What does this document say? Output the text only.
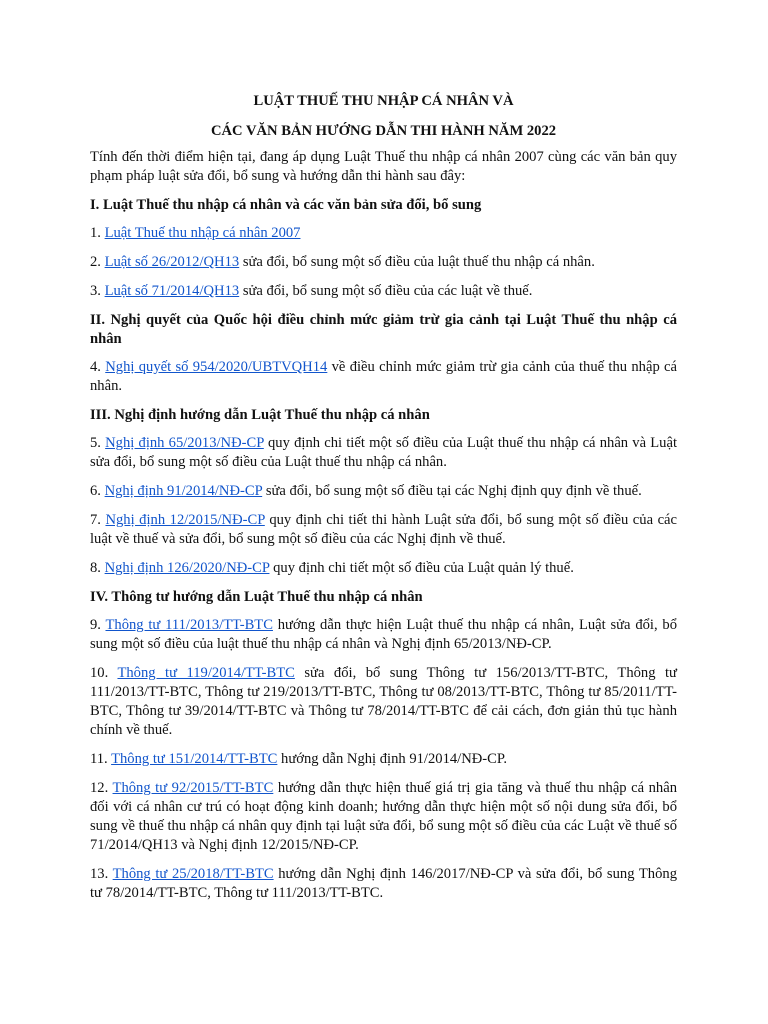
LUẬT THUẾ THU NHẬP CÁ NHÂN VÀ

CÁC VĂN BẢN HƯỚNG DẪN THI HÀNH NĂM 2022

Tính đến thời điểm hiện tại, đang áp dụng Luật Thuế thu nhập cá nhân 2007 cùng các văn bản quy phạm pháp luật sửa đổi, bổ sung và hướng dẫn thi hành sau đây:

I. Luật Thuế thu nhập cá nhân và các văn bản sửa đổi, bổ sung

1. Luật Thuế thu nhập cá nhân 2007

2. Luật số 26/2012/QH13 sửa đổi, bổ sung một số điều của luật thuế thu nhập cá nhân.

3. Luật số 71/2014/QH13 sửa đổi, bổ sung một số điều của các luật về thuế.

II. Nghị quyết của Quốc hội điều chỉnh mức giảm trừ gia cảnh tại Luật Thuế thu nhập cá nhân

4. Nghị quyết số 954/2020/UBTVQH14 về điều chỉnh mức giảm trừ gia cảnh của thuế thu nhập cá nhân.

III. Nghị định hướng dẫn Luật Thuế thu nhập cá nhân

5. Nghị định 65/2013/NĐ-CP quy định chi tiết một số điều của Luật thuế thu nhập cá nhân và Luật sửa đổi, bổ sung một số điều của Luật thuế thu nhập cá nhân.

6. Nghị định 91/2014/NĐ-CP sửa đổi, bổ sung một số điều tại các Nghị định quy định về thuế.

7. Nghị định 12/2015/NĐ-CP quy định chi tiết thi hành Luật sửa đổi, bổ sung một số điều của các luật về thuế và sửa đổi, bổ sung một số điều của các Nghị định về thuế.

8. Nghị định 126/2020/NĐ-CP quy định chi tiết một số điều của Luật quản lý thuế.

IV. Thông tư hướng dẫn Luật Thuế thu nhập cá nhân

9. Thông tư 111/2013/TT-BTC hướng dẫn thực hiện Luật thuế thu nhập cá nhân, Luật sửa đổi, bổ sung một số điều của luật thuế thu nhập cá nhân và Nghị định 65/2013/NĐ-CP.

10. Thông tư 119/2014/TT-BTC sửa đổi, bổ sung Thông tư 156/2013/TT-BTC, Thông tư 111/2013/TT-BTC, Thông tư 219/2013/TT-BTC, Thông tư 08/2013/TT-BTC, Thông tư 85/2011/TT-BTC, Thông tư 39/2014/TT-BTC và Thông tư 78/2014/TT-BTC để cải cách, đơn giản thủ tục hành chính về thuế.

11. Thông tư 151/2014/TT-BTC hướng dẫn Nghị định 91/2014/NĐ-CP.

12. Thông tư 92/2015/TT-BTC hướng dẫn thực hiện thuế giá trị gia tăng và thuế thu nhập cá nhân đối với cá nhân cư trú có hoạt động kinh doanh; hướng dẫn thực hiện một số nội dung sửa đổi, bổ sung về thuế thu nhập cá nhân quy định tại luật sửa đổi, bổ sung một số điều của các Luật về thuế số 71/2014/QH13 và Nghị định 12/2015/NĐ-CP.

13. Thông tư 25/2018/TT-BTC hướng dẫn Nghị định 146/2017/NĐ-CP và sửa đổi, bổ sung Thông tư 78/2014/TT-BTC, Thông tư 111/2013/TT-BTC.
